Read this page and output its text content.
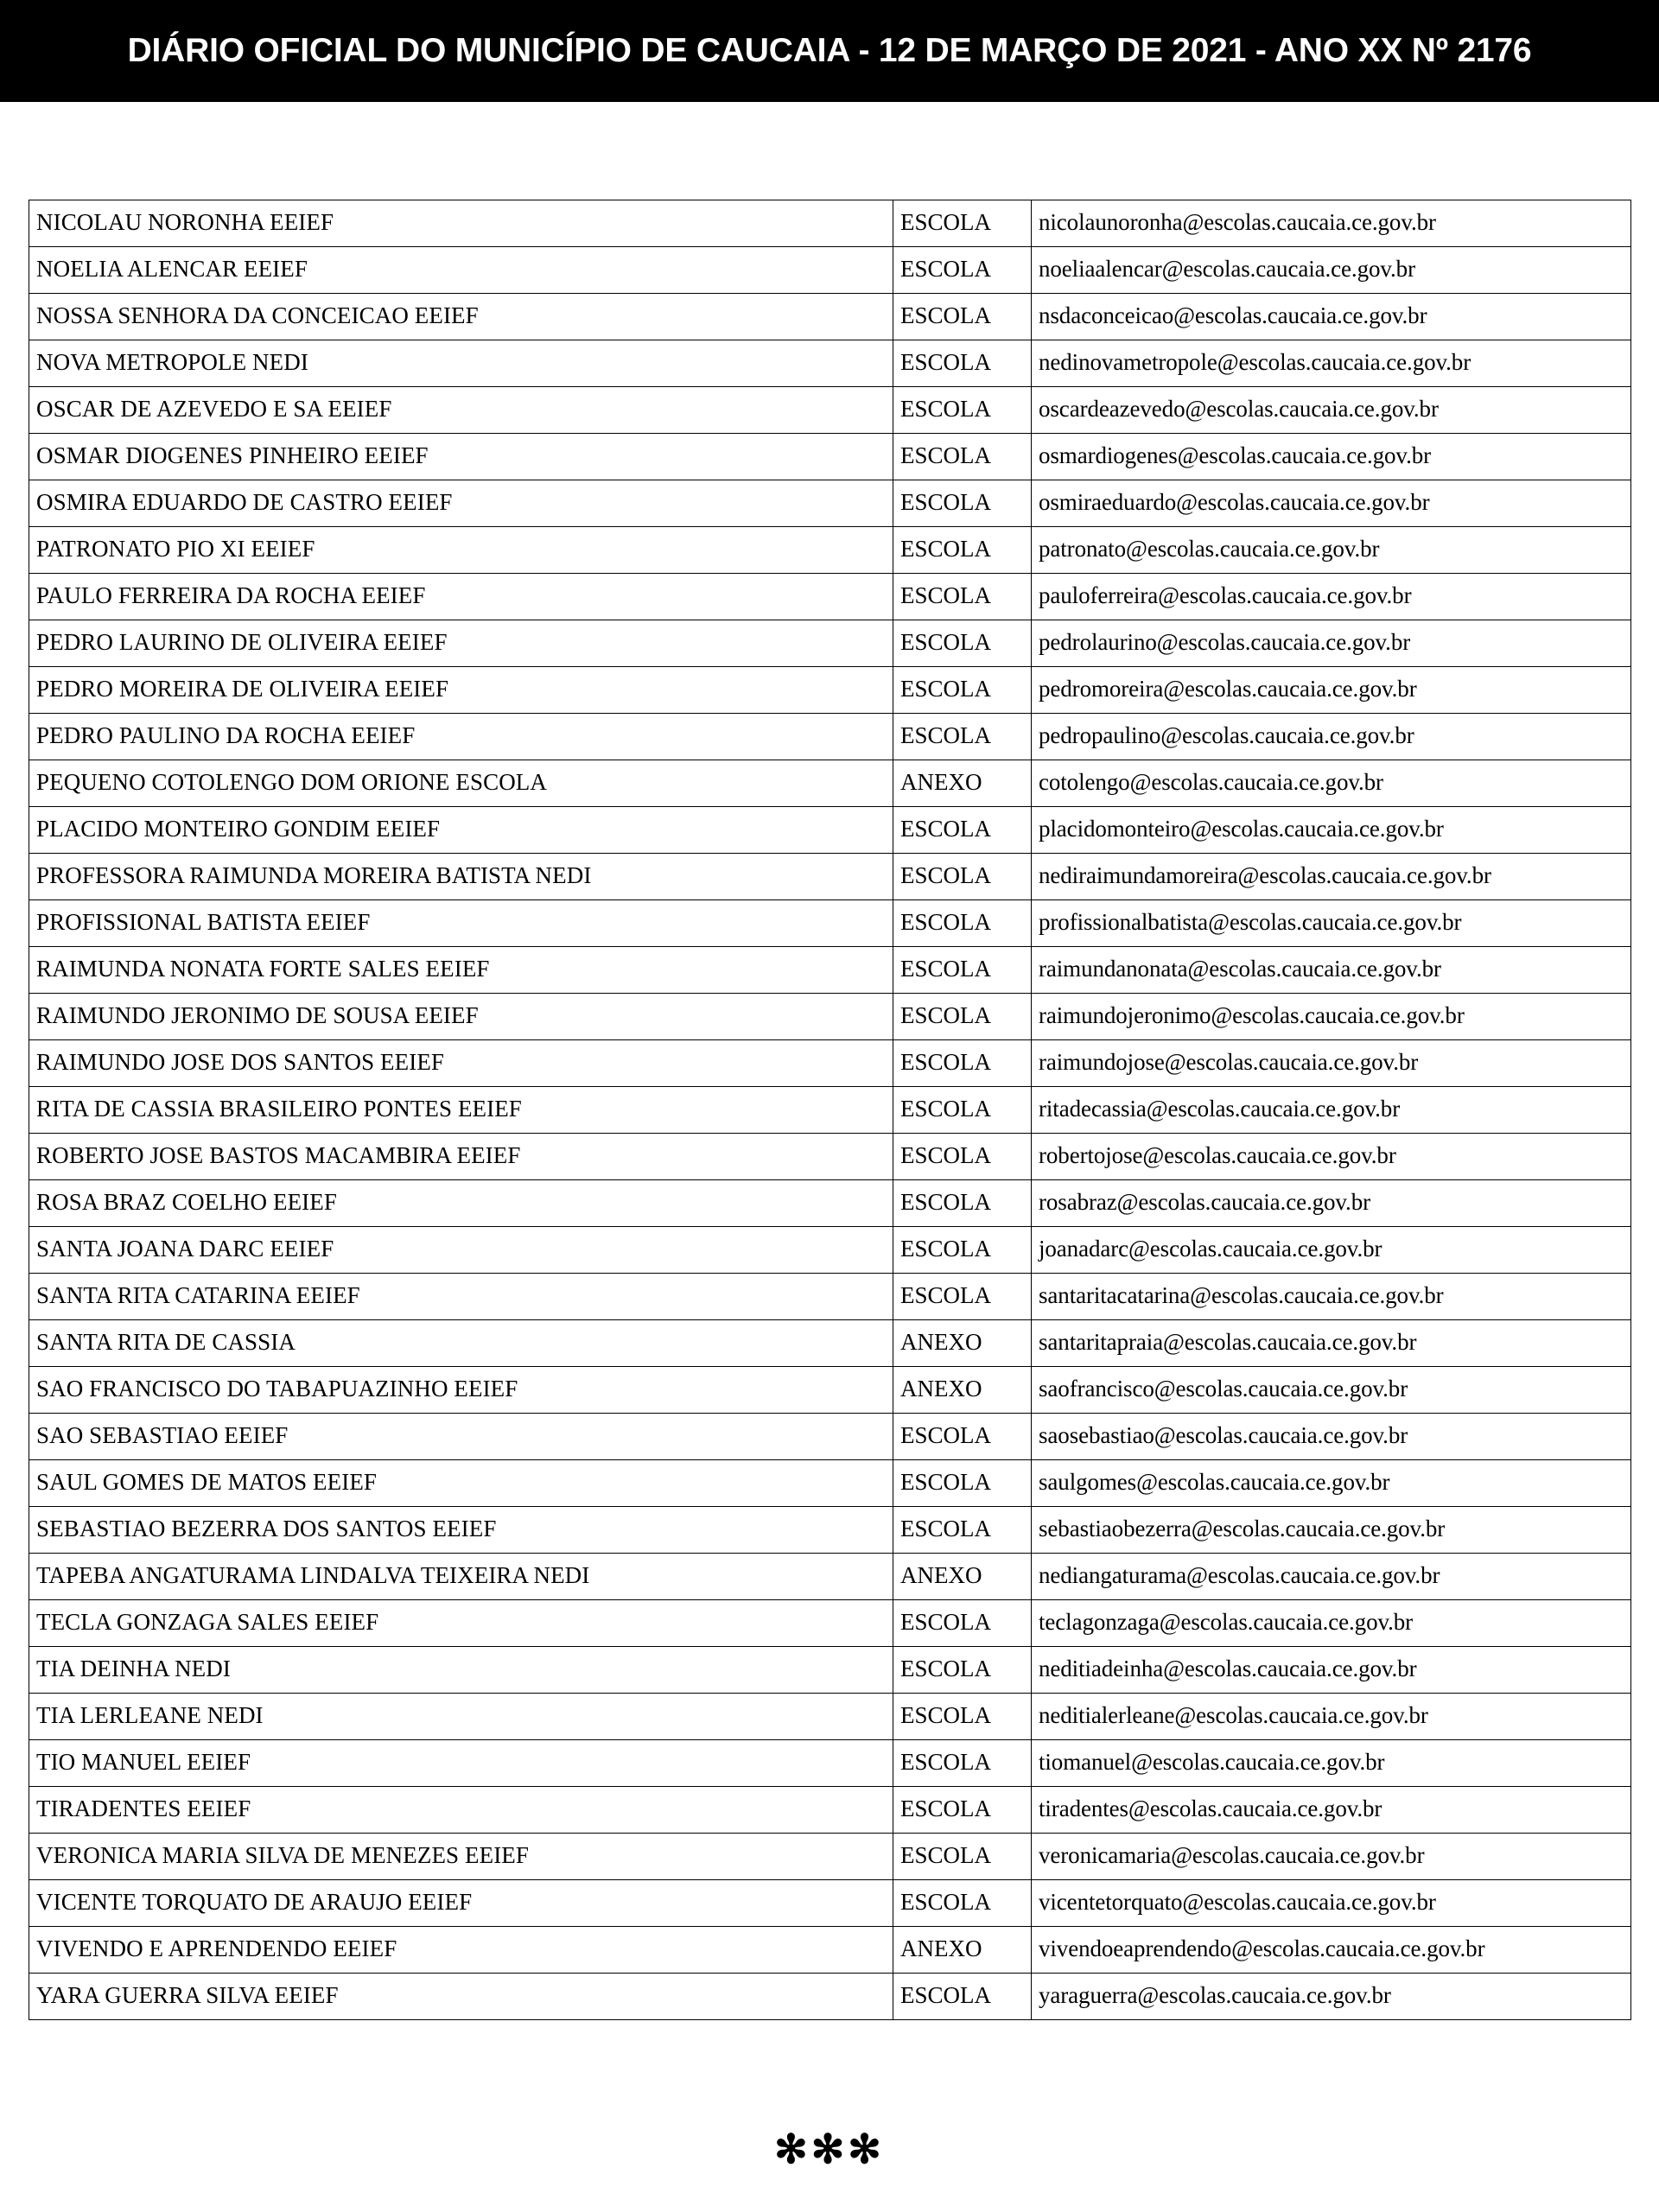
DIÁRIO OFICIAL DO MUNICÍPIO DE CAUCAIA - 12 DE MARÇO DE 2021 - ANO XX Nº 2176
NICOLAU NORONHA EEIEF	ESCOLA	nicolaunoronha@escolas.caucaia.ce.gov.br
NOELIA ALENCAR EEIEF	ESCOLA	noeliaalencar@escolas.caucaia.ce.gov.br
NOSSA SENHORA DA CONCEICAO EEIEF	ESCOLA	nsdaconceicao@escolas.caucaia.ce.gov.br
NOVA METROPOLE NEDI	ESCOLA	nedinovametropole@escolas.caucaia.ce.gov.br
OSCAR DE AZEVEDO E SA EEIEF	ESCOLA	oscardeazevedo@escolas.caucaia.ce.gov.br
OSMAR DIOGENES PINHEIRO EEIEF	ESCOLA	osmardiogenes@escolas.caucaia.ce.gov.br
OSMIRA EDUARDO DE CASTRO EEIEF	ESCOLA	osmiraeduardo@escolas.caucaia.ce.gov.br
PATRONATO PIO XI EEIEF	ESCOLA	patronato@escolas.caucaia.ce.gov.br
PAULO FERREIRA DA ROCHA EEIEF	ESCOLA	pauloferreira@escolas.caucaia.ce.gov.br
PEDRO LAURINO DE OLIVEIRA EEIEF	ESCOLA	pedrolaurino@escolas.caucaia.ce.gov.br
PEDRO MOREIRA DE OLIVEIRA EEIEF	ESCOLA	pedromoreira@escolas.caucaia.ce.gov.br
PEDRO PAULINO DA ROCHA EEIEF	ESCOLA	pedropaulino@escolas.caucaia.ce.gov.br
PEQUENO COTOLENGO DOM ORIONE ESCOLA	ANEXO	cotolengo@escolas.caucaia.ce.gov.br
PLACIDO MONTEIRO GONDIM EEIEF	ESCOLA	placidomonteiro@escolas.caucaia.ce.gov.br
PROFESSORA RAIMUNDA MOREIRA BATISTA NEDI	ESCOLA	nediraimundamoreira@escolas.caucaia.ce.gov.br
PROFISSIONAL BATISTA EEIEF	ESCOLA	profissionalbatista@escolas.caucaia.ce.gov.br
RAIMUNDA NONATA FORTE SALES EEIEF	ESCOLA	raimundanonata@escolas.caucaia.ce.gov.br
RAIMUNDO JERONIMO DE SOUSA EEIEF	ESCOLA	raimundojeronimo@escolas.caucaia.ce.gov.br
RAIMUNDO JOSE DOS SANTOS EEIEF	ESCOLA	raimundojose@escolas.caucaia.ce.gov.br
RITA DE CASSIA BRASILEIRO PONTES EEIEF	ESCOLA	ritadecassia@escolas.caucaia.ce.gov.br
ROBERTO JOSE BASTOS MACAMBIRA EEIEF	ESCOLA	robertojose@escolas.caucaia.ce.gov.br
ROSA BRAZ COELHO EEIEF	ESCOLA	rosabraz@escolas.caucaia.ce.gov.br
SANTA JOANA DARC EEIEF	ESCOLA	joanadarc@escolas.caucaia.ce.gov.br
SANTA RITA CATARINA EEIEF	ESCOLA	santaritacatarina@escolas.caucaia.ce.gov.br
SANTA RITA DE CASSIA	ANEXO	santaritapraia@escolas.caucaia.ce.gov.br
SAO FRANCISCO DO TABAPUAZINHO EEIEF	ANEXO	saofrancisco@escolas.caucaia.ce.gov.br
SAO SEBASTIAO EEIEF	ESCOLA	saosebastiao@escolas.caucaia.ce.gov.br
SAUL GOMES DE MATOS EEIEF	ESCOLA	saulgomes@escolas.caucaia.ce.gov.br
SEBASTIAO BEZERRA DOS SANTOS EEIEF	ESCOLA	sebastiaobezerra@escolas.caucaia.ce.gov.br
TAPEBA ANGATURAMA LINDALVA TEIXEIRA NEDI	ANEXO	nediangaturama@escolas.caucaia.ce.gov.br
TECLA GONZAGA SALES EEIEF	ESCOLA	teclagonzaga@escolas.caucaia.ce.gov.br
TIA DEINHA NEDI	ESCOLA	neditiadeinha@escolas.caucaia.ce.gov.br
TIA LERLEANE NEDI	ESCOLA	neditialerleane@escolas.caucaia.ce.gov.br
TIO MANUEL EEIEF	ESCOLA	tiomanuel@escolas.caucaia.ce.gov.br
TIRADENTES EEIEF	ESCOLA	tiradentes@escolas.caucaia.ce.gov.br
VERONICA MARIA SILVA DE MENEZES EEIEF	ESCOLA	veronicamaria@escolas.caucaia.ce.gov.br
VICENTE TORQUATO DE ARAUJO EEIEF	ESCOLA	vicentetorquato@escolas.caucaia.ce.gov.br
VIVENDO E APRENDENDO EEIEF	ANEXO	vivendoeaprendendo@escolas.caucaia.ce.gov.br
YARA GUERRA SILVA EEIEF	ESCOLA	yaraguerra@escolas.caucaia.ce.gov.br
✻✻✻
